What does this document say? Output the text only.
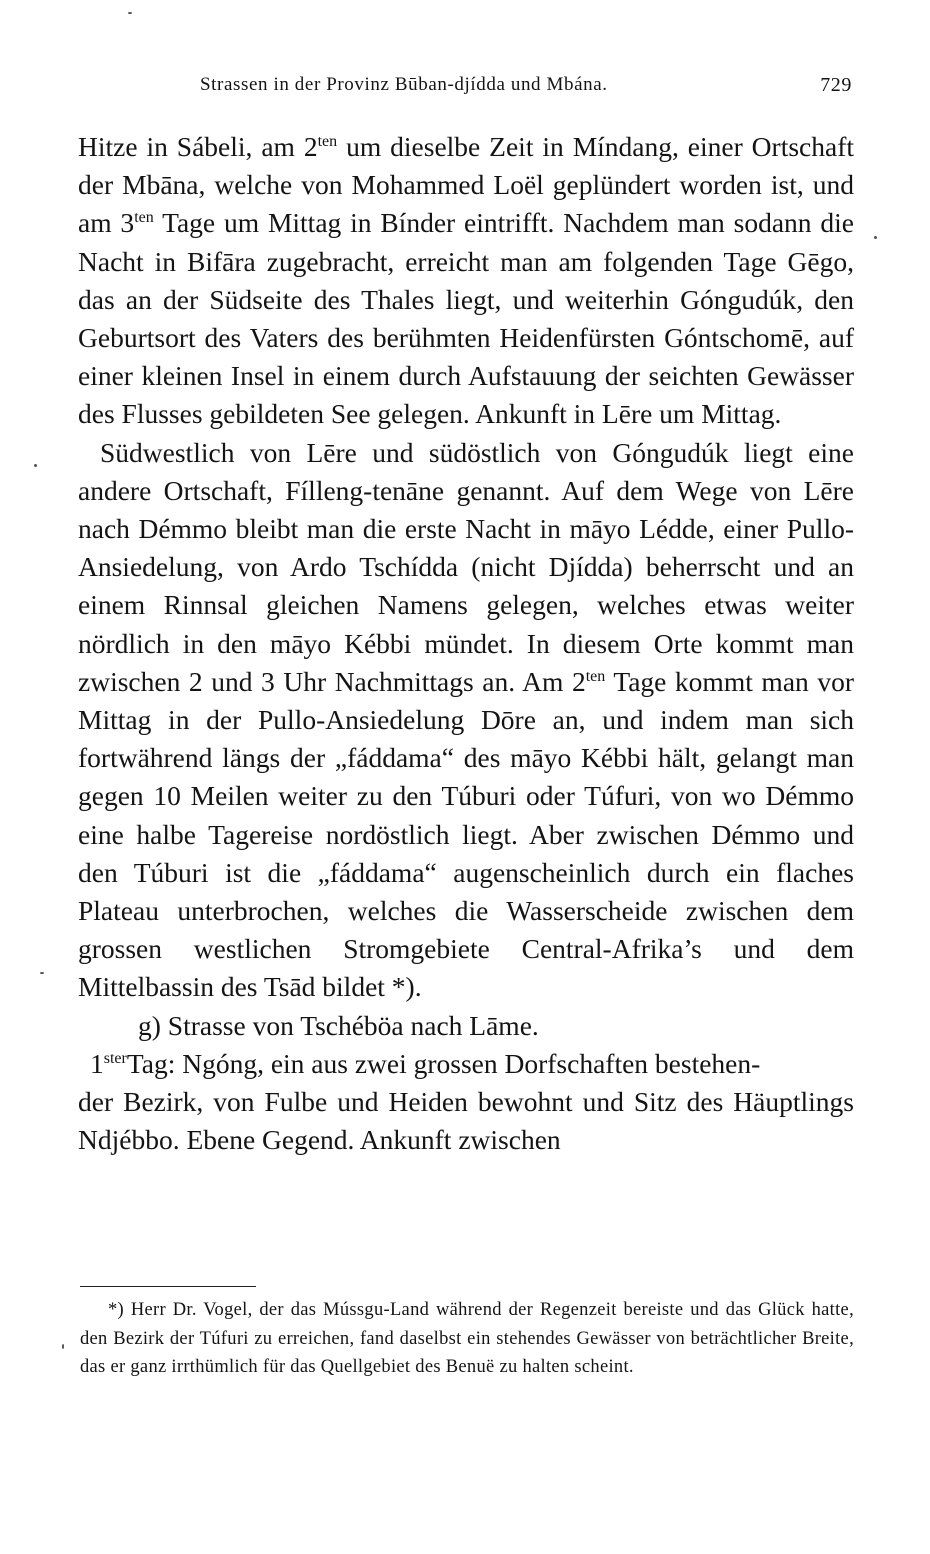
Strassen in der Provinz Būban-djídda und Mbána.	729

Hitze in Sábeli, am $2^{ten}$ um dieselbe Zeit in Míndang, einer Ortschaft der Mbāna, welche von Mohammed Loël geplündert worden ist, und am $3^{ten}$ Tage um Mittag in Bínder eintrifft. Nachdem man sodann die Nacht in Bifāra zugebracht, erreicht man am folgenden Tage Gēgo, das an der Südseite des Thales liegt, und weiterhin Góngudúk, den Geburtsort des Vaters des berühmten Heidenfürsten Góntschomē, auf einer kleinen Insel in einem durch Aufstauung der seichten Gewässer des Flusses gebildeten See gelegen. Ankunft in Lēre um Mittag.

Südwestlich von Lēre und südöstlich von Góngudúk liegt eine andere Ortschaft, Fílleng-tenāne genannt. Auf dem Wege von Lēre nach Démmo bleibt man die erste Nacht in māyo Lédde, einer Pullo-Ansiedelung, von Ardo Tschídda (nicht Djídda) beherrscht und an einem Rinnsal gleichen Namens gelegen, welches etwas weiter nördlich in den māyo Kébbi mündet. In diesem Orte kommt man zwischen 2 und 3 Uhr Nachmittags an. Am $2^{ten}$ Tage kommt man vor Mittag in der Pullo-Ansiedelung Dōre an, und indem man sich fortwährend längs der „fáddama“ des māyo Kébbi hält, gelangt man gegen 10 Meilen weiter zu den Túburi oder Túfuri, von wo Démmo eine halbe Tagereise nordöstlich liegt. Aber zwischen Démmo und den Túburi ist die „fáddama“ augenscheinlich durch ein flaches Plateau unterbrochen, welches die Wasserscheide zwischen dem grossen westlichen Stromgebiete Central-Afrika’s und dem Mittelbassin des Tsād bildet *).

g) Strasse von Tschéböa nach Lāme.

$1^{ster}Tag$: Ngóng, ein aus zwei grossen Dorfschaften bestehen-

der Bezirk, von Fulbe und Heiden bewohnt und Sitz des Häuptlings Ndjébbo. Ebene Gegend. Ankunft zwischen

*) Herr Dr. Vogel, der das Mússgu-Land während der Regenzeit bereiste und das Glück hatte, den Bezirk der Túfuri zu erreichen, fand daselbst ein stehendes Gewässer von beträchtlicher Breite, das er ganz irrthümlich für das Quellgebiet des Benuë zu halten scheint.
